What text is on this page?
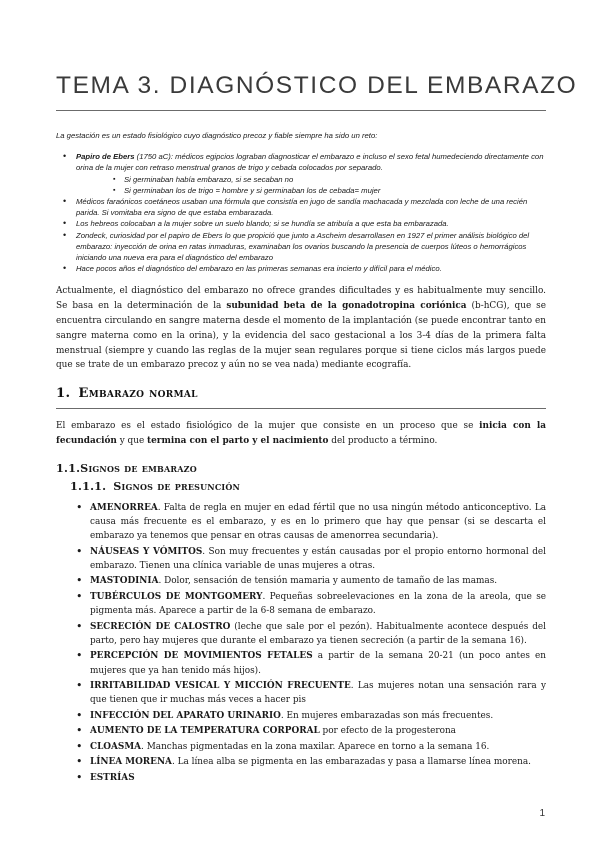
TEMA 3. DIAGNÓSTICO DEL EMBARAZO

La gestación es un estado fisiológico cuyo diagnóstico precoz y fiable siempre ha sido un reto:

• Papiro de Ebers (1750 aC): médicos egipcios lograban diagnosticar el embarazo e incluso el sexo fetal humedeciendo directamente con orina de la mujer con retraso menstrual granos de trigo y cebada colocados por separado.
▪ Si germinaban había embarazo, si se secaban no
▪ Si germinaban los de trigo = hombre y si germinaban los de cebada= mujer
• Médicos faraónicos coetáneos usaban una fórmula que consistía en jugo de sandía machacada y mezclada con leche de una recién parida. Si vomitaba era signo de que estaba embarazada.
• Los hebreos colocaban a la mujer sobre un suelo blando; si se hundía se atribuía a que esta ba embarazada.
• Zondeck, curiosidad por el papiro de Ebers lo que propició que junto a Ascheim desarrollasen en 1927 el primer análisis biológico del embarazo: inyección de orina en ratas inmaduras, examinaban los ovarios buscando la presencia de cuerpos lúteos o hemorrágicos iniciando una nueva era para el diagnóstico del embarazo
• Hace pocos años el diagnóstico del embarazo en las primeras semanas era incierto y difícil para el médico.

Actualmente, el diagnóstico del embarazo no ofrece grandes dificultades y es habitualmente muy sencillo. Se basa en la determinación de la subunidad beta de la gonadotropina coriónica (b-hCG), que se encuentra circulando en sangre materna desde el momento de la implantación (se puede encontrar tanto en sangre materna como en la orina), y la evidencia del saco gestacional a los 3-4 días de la primera falta menstrual (siempre y cuando las reglas de la mujer sean regulares porque si tiene ciclos más largos puede que se trate de un embarazo precoz y aún no se vea nada) mediante ecografía.

1. Embarazo normal

El embarazo es el estado fisiológico de la mujer que consiste en un proceso que se inicia con la fecundación y que termina con el parto y el nacimiento del producto a término.

1.1.Signos de embarazo
1.1.1. Signos de presunción
• AMENORREA. Falta de regla en mujer en edad fértil que no usa ningún método anticonceptivo. La causa más frecuente es el embarazo, y es en lo primero que hay que pensar (si se descarta el embarazo ya tenemos que pensar en otras causas de amenorrea secundaria).
• NÁUSEAS Y VÓMITOS. Son muy frecuentes y están causadas por el propio entorno hormonal del embarazo. Tienen una clínica variable de unas mujeres a otras.
• MASTODINIA. Dolor, sensación de tensión mamaria y aumento de tamaño de las mamas.
• TUBÉRCULOS DE MONTGOMERY. Pequeñas sobreelevaciones en la zona de la areola, que se pigmenta más. Aparece a partir de la 6-8 semana de embarazo.
• SECRECIÓN DE CALOSTRO (leche que sale por el pezón). Habitualmente acontece después del parto, pero hay mujeres que durante el embarazo ya tienen secreción (a partir de la semana 16).
• PERCEPCIÓN DE MOVIMIENTOS FETALES a partir de la semana 20-21 (un poco antes en mujeres que ya han tenido más hijos).
• IRRITABILIDAD VESICAL Y MICCIÓN FRECUENTE. Las mujeres notan una sensación rara y que tienen que ir muchas más veces a hacer pis
• INFECCIÓN DEL APARATO URINARIO. En mujeres embarazadas son más frecuentes.
• AUMENTO DE LA TEMPERATURA CORPORAL por efecto de la progesterona
• CLOASMA. Manchas pigmentadas en la zona maxilar. Aparece en torno a la semana 16.
• LÍNEA MORENA. La línea alba se pigmenta en las embarazadas y pasa a llamarse línea morena.
• ESTRÍAS
1
